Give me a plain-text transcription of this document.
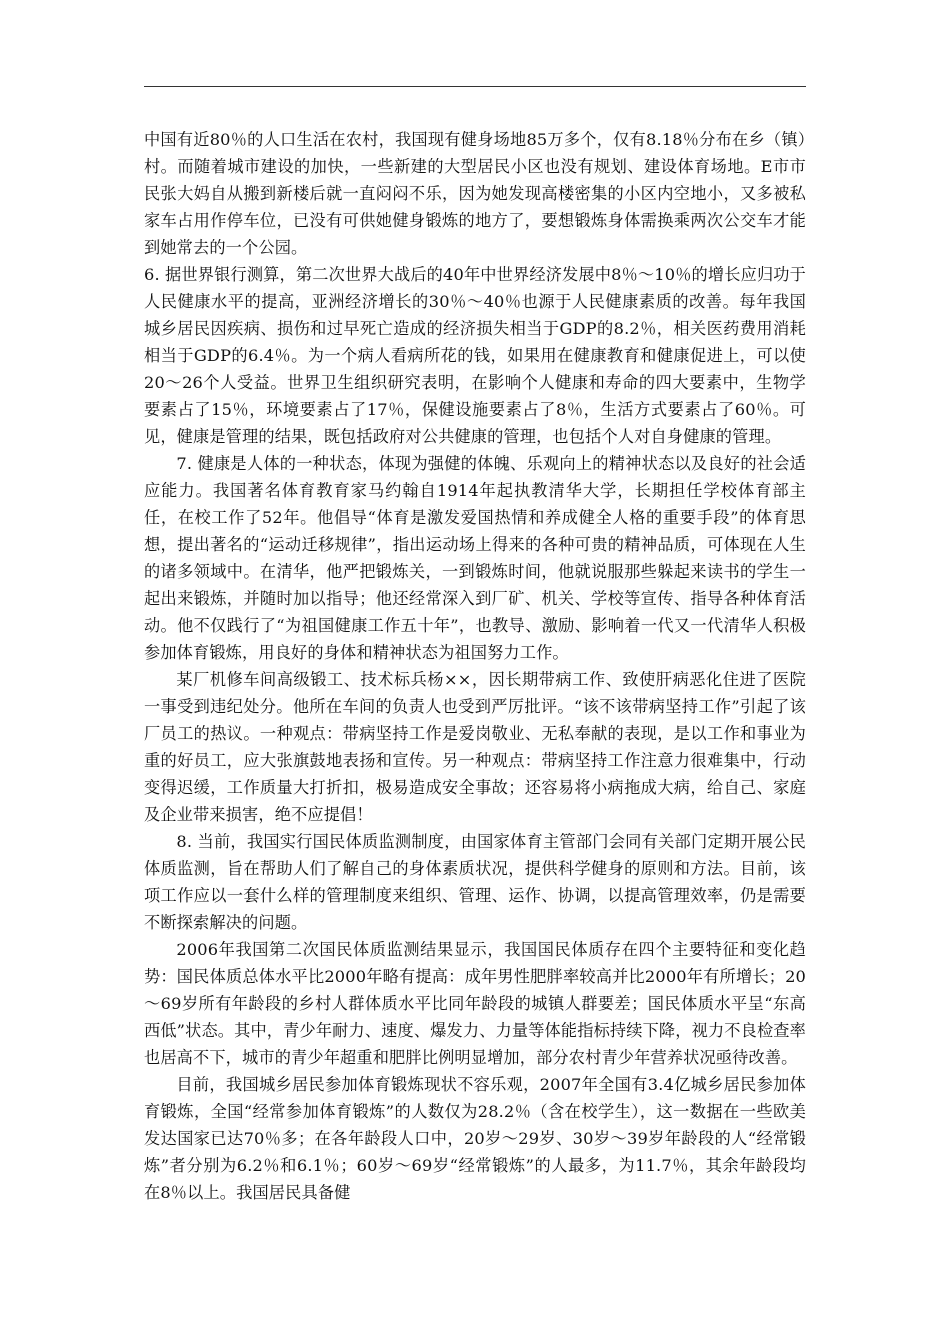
中国有近80％的人口生活在农村，我国现有健身场地85万多个，仅有8.18％分布在乡（镇）村。而随着城市建设的加快，一些新建的大型居民小区也没有规划、建设体育场地。E市市民张大妈自从搬到新楼后就一直闷闷不乐，因为她发现高楼密集的小区内空地小，又多被私家车占用作停车位，已没有可供她健身锻炼的地方了，要想锻炼身体需换乘两次公交车才能到她常去的一个公园。

6. 据世界银行测算，第二次世界大战后的40年中世界经济发展中8％～10％的增长应归功于人民健康水平的提高，亚洲经济增长的30％～40％也源于人民健康素质的改善。每年我国城乡居民因疾病、损伤和过早死亡造成的经济损失相当于GDP的8.2％，相关医药费用消耗相当于GDP的6.4％。为一个病人看病所花的钱，如果用在健康教育和健康促进上，可以使20～26个人受益。世界卫生组织研究表明，在影响个人健康和寿命的四大要素中，生物学要素占了15％，环境要素占了17％，保健设施要素占了8％，生活方式要素占了60％。可见，健康是管理的结果，既包括政府对公共健康的管理，也包括个人对自身健康的管理。

7. 健康是人体的一种状态，体现为强健的体魄、乐观向上的精神状态以及良好的社会适应能力。我国著名体育教育家马约翰自1914年起执教清华大学，长期担任学校体育部主任，在校工作了52年。他倡导“体育是激发爱国热情和养成健全人格的重要手段”的体育思想，提出著名的“运动迁移规律”，指出运动场上得来的各种可贵的精神品质，可体现在人生的诸多领域中。在清华，他严把锻炼关，一到锻炼时间，他就说服那些躲起来读书的学生一起出来锻炼，并随时加以指导；他还经常深入到厂矿、机关、学校等宣传、指导各种体育活动。他不仅践行了“为祖国健康工作五十年”，也教导、激励、影响着一代又一代清华人积极参加体育锻炼，用良好的身体和精神状态为祖国努力工作。

某厂机修车间高级锻工、技术标兵杨××，因长期带病工作、致使肝病恶化住进了医院一事受到违纪处分。他所在车间的负责人也受到严厉批评。“该不该带病坚持工作”引起了该厂员工的热议。一种观点：带病坚持工作是爱岗敬业、无私奉献的表现，是以工作和事业为重的好员工，应大张旗鼓地表扬和宣传。另一种观点：带病坚持工作注意力很难集中，行动变得迟缓，工作质量大打折扣，极易造成安全事故；还容易将小病拖成大病，给自己、家庭及企业带来损害，绝不应提倡！

8. 当前，我国实行国民体质监测制度，由国家体育主管部门会同有关部门定期开展公民体质监测，旨在帮助人们了解自己的身体素质状况，提供科学健身的原则和方法。目前，该项工作应以一套什么样的管理制度来组织、管理、运作、协调，以提高管理效率，仍是需要不断探索解决的问题。

2006年我国第二次国民体质监测结果显示，我国国民体质存在四个主要特征和变化趋势：国民体质总体水平比2000年略有提高：成年男性肥胖率较高并比2000年有所增长；20～69岁所有年龄段的乡村人群体质水平比同年龄段的城镇人群要差；国民体质水平呈“东高西低”状态。其中，青少年耐力、速度、爆发力、力量等体能指标持续下降，视力不良检查率也居高不下，城市的青少年超重和肥胖比例明显增加，部分农村青少年营养状况亟待改善。

目前，我国城乡居民参加体育锻炼现状不容乐观，2007年全国有3.4亿城乡居民参加体育锻炼，全国“经常参加体育锻炼”的人数仅为28.2％（含在校学生），这一数据在一些欧美发达国家已达70％多；在各年龄段人口中，20岁～29岁、30岁～39岁年龄段的人“经常锻炼”者分别为6.2％和6.1％；60岁～69岁“经常锻炼”的人最多，为11.7％，其余年龄段均在8％以上。我国居民具备健
